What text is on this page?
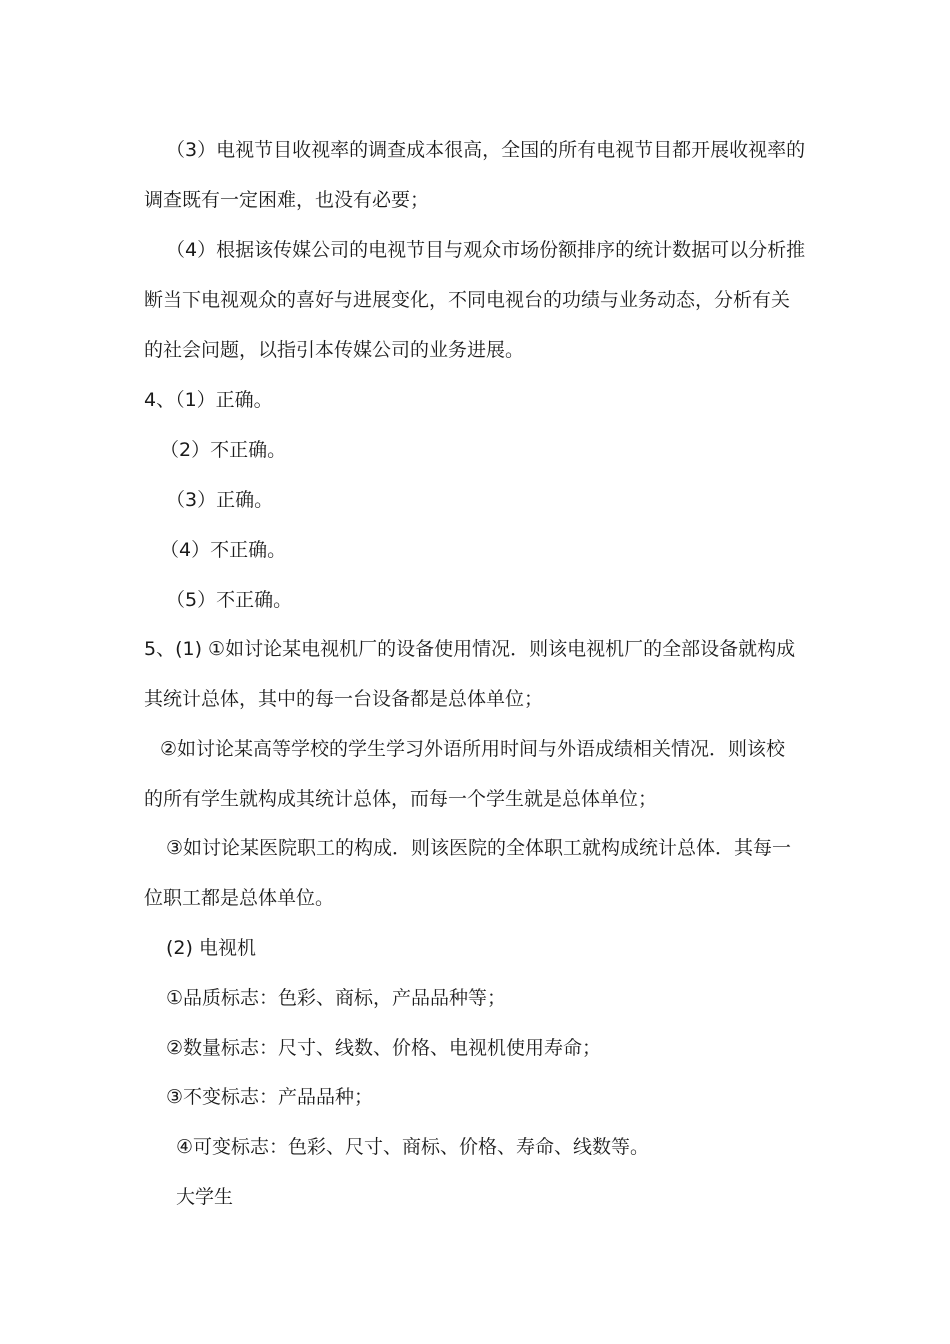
（3）电视节目收视率的调查成本很高，全国的所有电视节目都开展收视率的
调查既有一定困难，也没有必要；
（4）根据该传媒公司的电视节目与观众市场份额排序的统计数据可以分析推
断当下电视观众的喜好与进展变化，不同电视台的功绩与业务动态，分析有关
的社会问题，以指引本传媒公司的业务进展。
4、（1）正确。
（2）不正确。
（3）正确。
（4）不正确。
（5）不正确。
5、(1) ①如讨论某电视机厂的设备使用情况．则该电视机厂的全部设备就构成
其统计总体，其中的每一台设备都是总体单位；
②如讨论某高等学校的学生学习外语所用时间与外语成绩相关情况．则该校
的所有学生就构成其统计总体，而每一个学生就是总体单位；
③如讨论某医院职工的构成．则该医院的全体职工就构成统计总体．其每一
位职工都是总体单位。
(2) 电视机
①品质标志：色彩、商标，产品品种等；
②数量标志：尺寸、线数、价格、电视机使用寿命；
③不变标志：产品品种；
④可变标志：色彩、尺寸、商标、价格、寿命、线数等。
大学生
